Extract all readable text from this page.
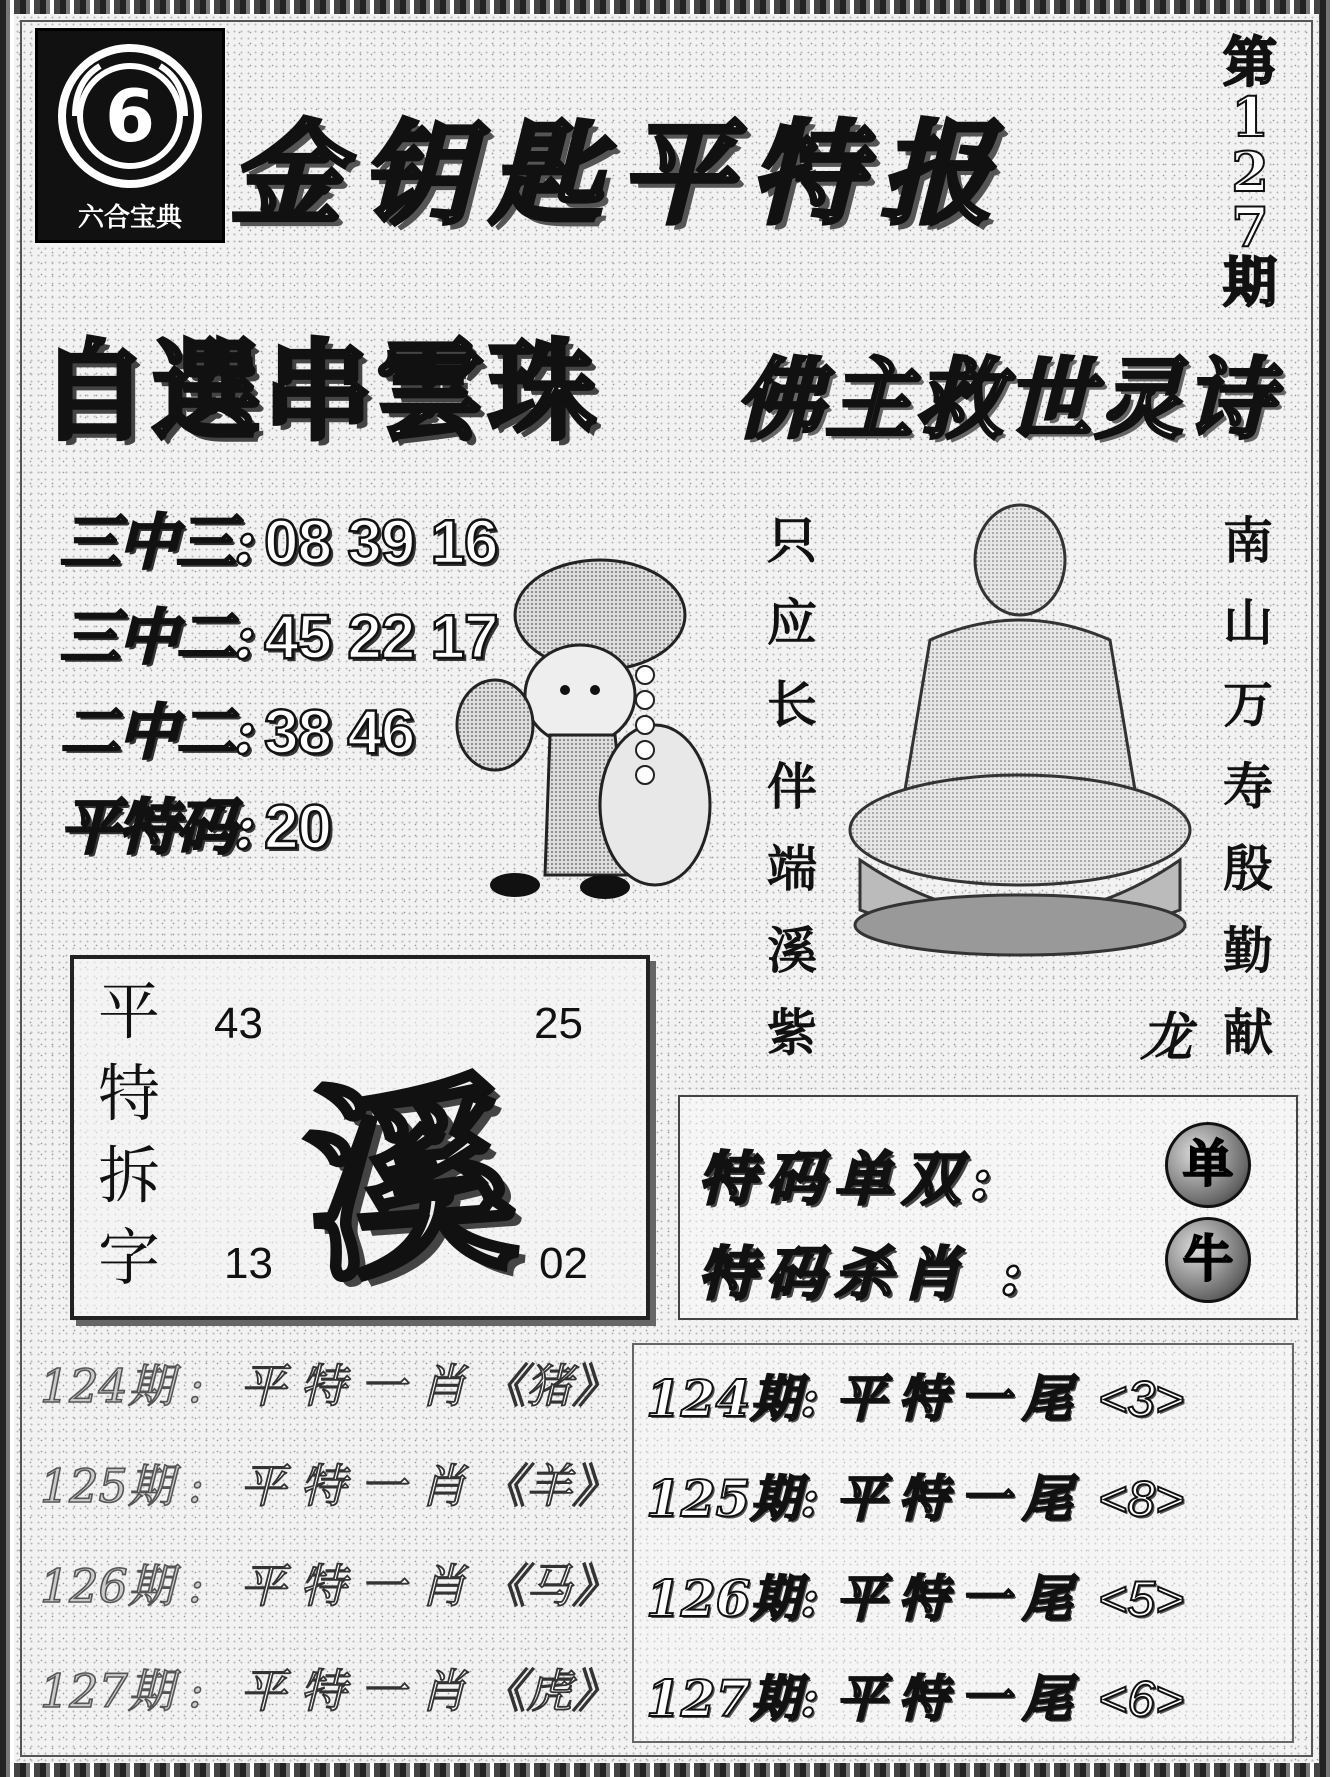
6
六合宝典 金钥匙平特报
第
1
2
7
期
自選串雲珠 佛主救世灵诗
三中三: 08 39 16
三中二: 45 22 17
二中二: 38 46
平特码: 20
只
应
长
伴
端
溪
紫
南
山
万
寿
殷
勤
献
龙
平
特
拆
字
43	25
13	02
溪	特码单双:	单
特码杀肖 :	牛
124期 : 平特一肖《猪》
125期 : 平特一肖《羊》
126期 : 平特一肖《马》
127期 : 平特一肖《虎》
124期: 平特一尾 <3>
125期: 平特一尾 <8>
126期: 平特一尾 <5>
127期: 平特一尾 <6>
